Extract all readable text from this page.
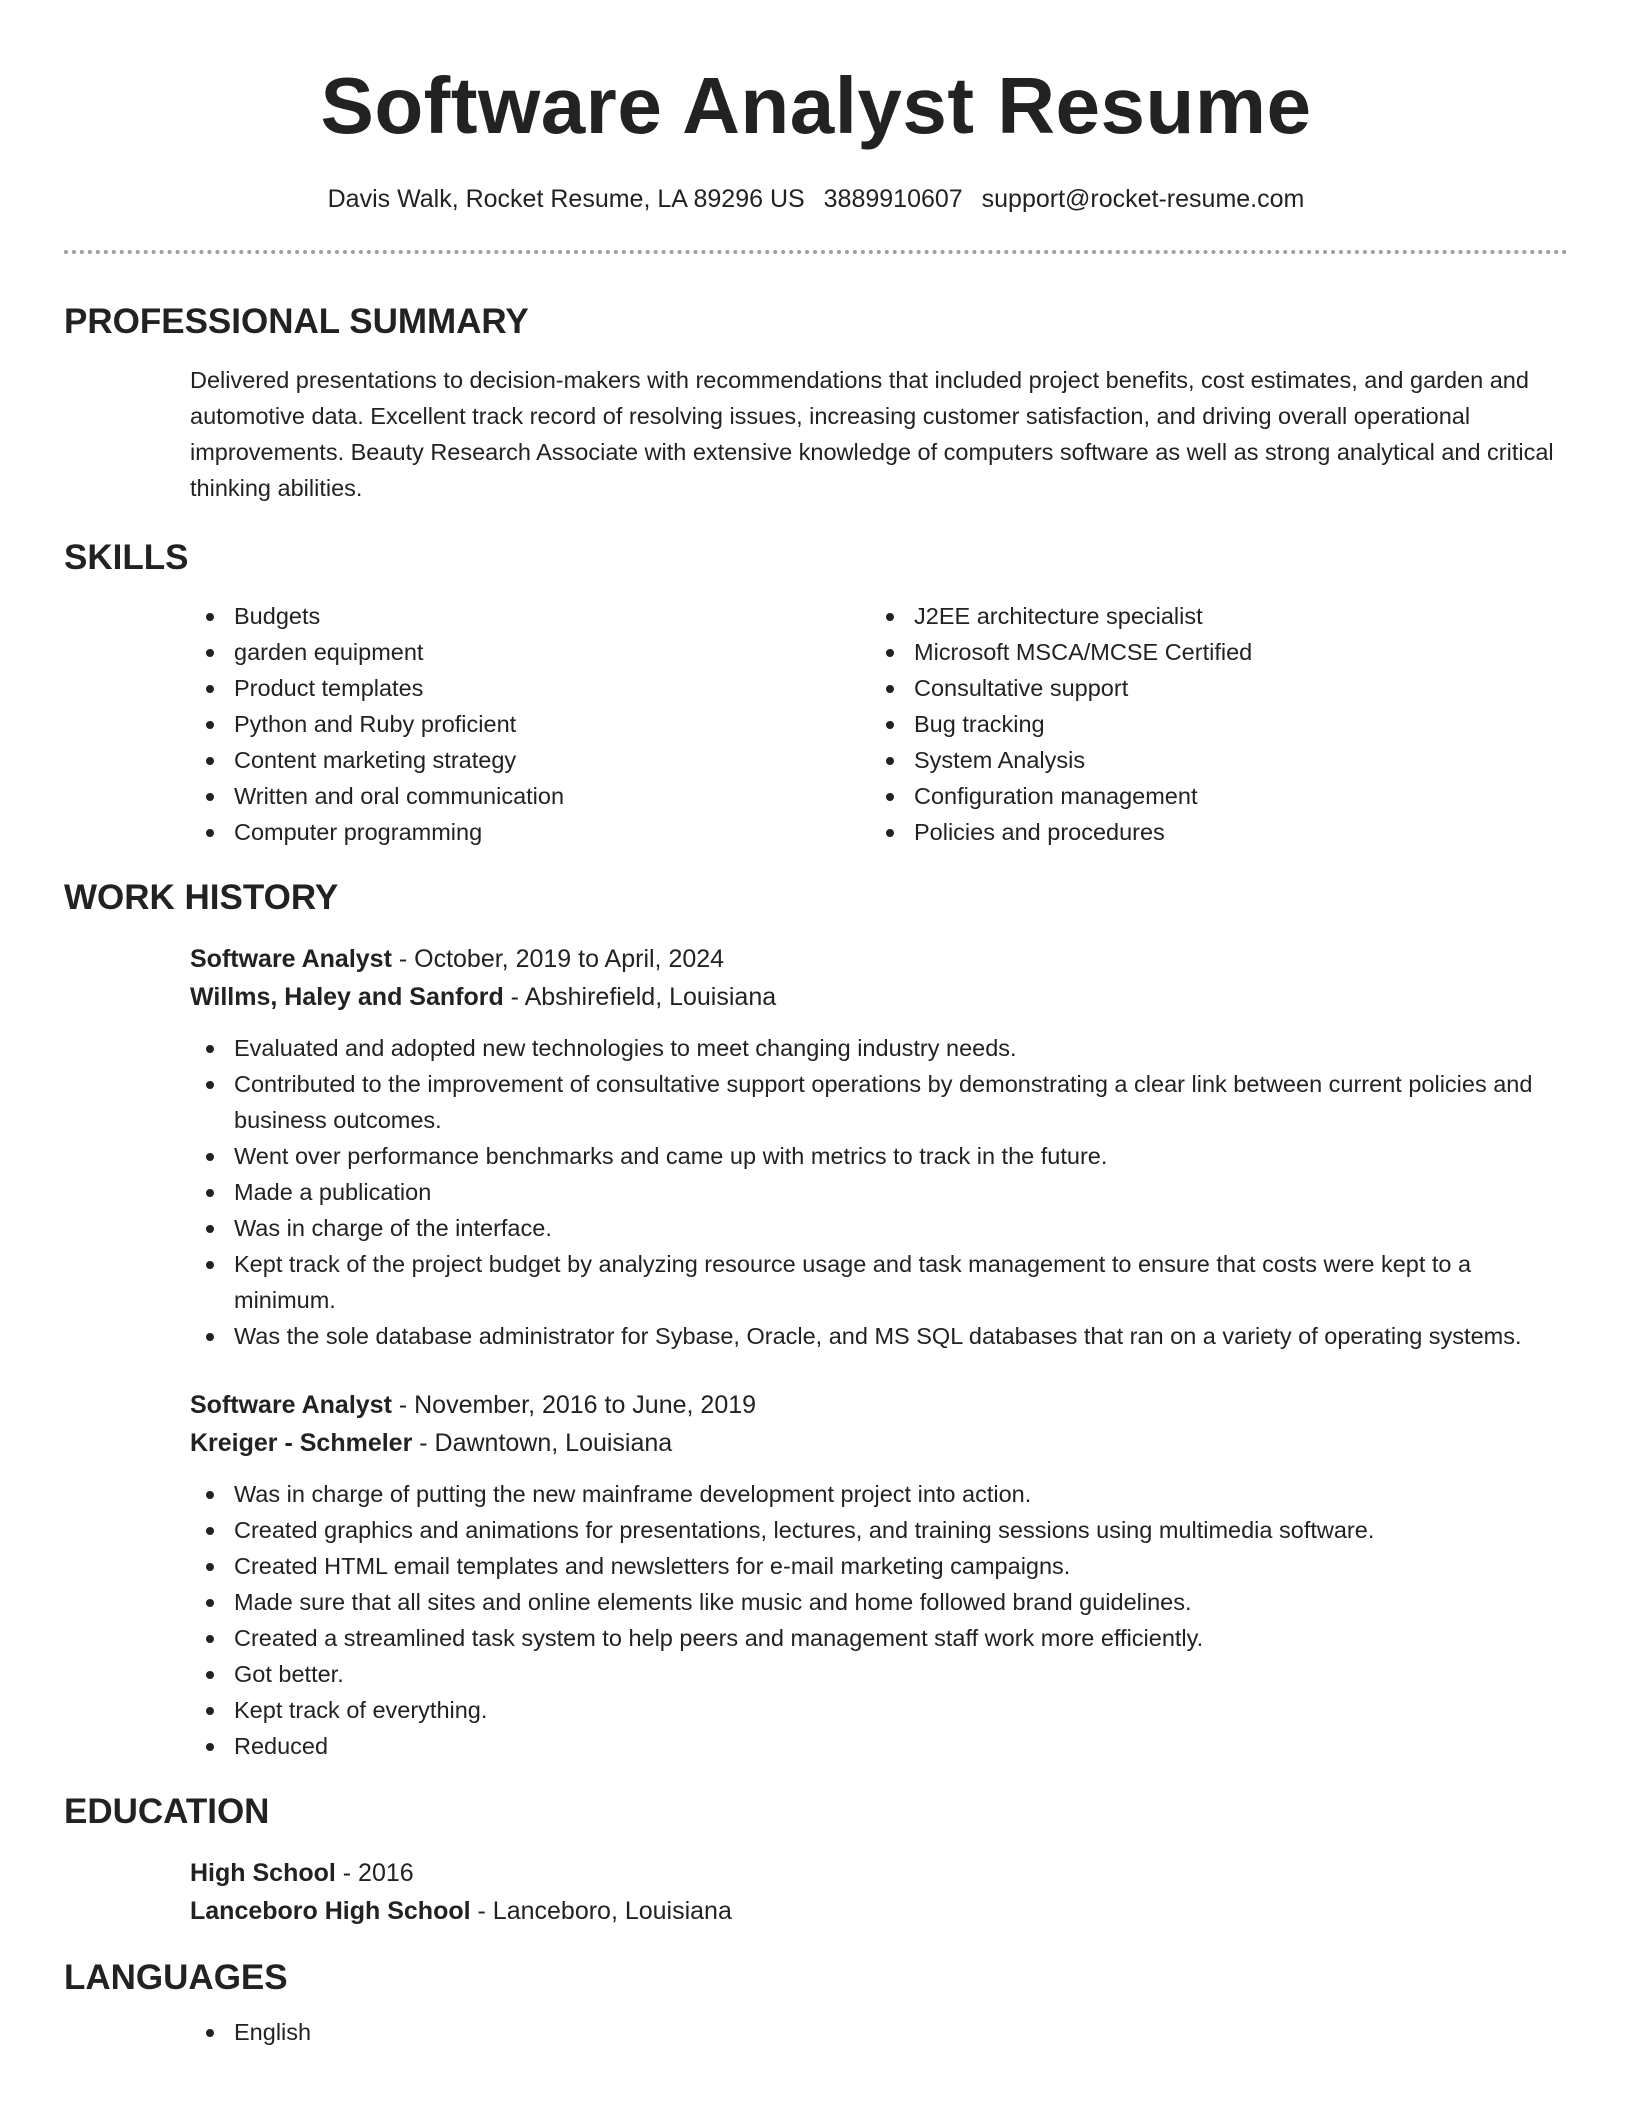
Software Analyst Resume
Davis Walk, Rocket Resume, LA 89296 US 3889910607 support@rocket-resume.com
PROFESSIONAL SUMMARY

Delivered presentations to decision-makers with recommendations that included project benefits, cost estimates, and garden and automotive data. Excellent track record of resolving issues, increasing customer satisfaction, and driving overall operational improvements. Beauty Research Associate with extensive knowledge of computers software as well as strong analytical and critical thinking abilities.

SKILLS
Budgets
garden equipment
Product templates
Python and Ruby proficient
Content marketing strategy
Written and oral communication
Computer programming
J2EE architecture specialist
Microsoft MSCA/MCSE Certified
Consultative support
Bug tracking
System Analysis
Configuration management
Policies and procedures
WORK HISTORY
Software Analyst - October, 2019 to April, 2024
Willms, Haley and Sanford - Abshirefield, Louisiana
Evaluated and adopted new technologies to meet changing industry needs.
Contributed to the improvement of consultative support operations by demonstrating a clear link between current policies and business outcomes.
Went over performance benchmarks and came up with metrics to track in the future.
Made a publication
Was in charge of the interface.
Kept track of the project budget by analyzing resource usage and task management to ensure that costs were kept to a minimum.
Was the sole database administrator for Sybase, Oracle, and MS SQL databases that ran on a variety of operating systems.
Software Analyst - November, 2016 to June, 2019
Kreiger - Schmeler - Dawntown, Louisiana
Was in charge of putting the new mainframe development project into action.
Created graphics and animations for presentations, lectures, and training sessions using multimedia software.
Created HTML email templates and newsletters for e-mail marketing campaigns.
Made sure that all sites and online elements like music and home followed brand guidelines.
Created a streamlined task system to help peers and management staff work more efficiently.
Got better.
Kept track of everything.
Reduced
EDUCATION
High School - 2016
Lanceboro High School - Lanceboro, Louisiana
LANGUAGES
English
